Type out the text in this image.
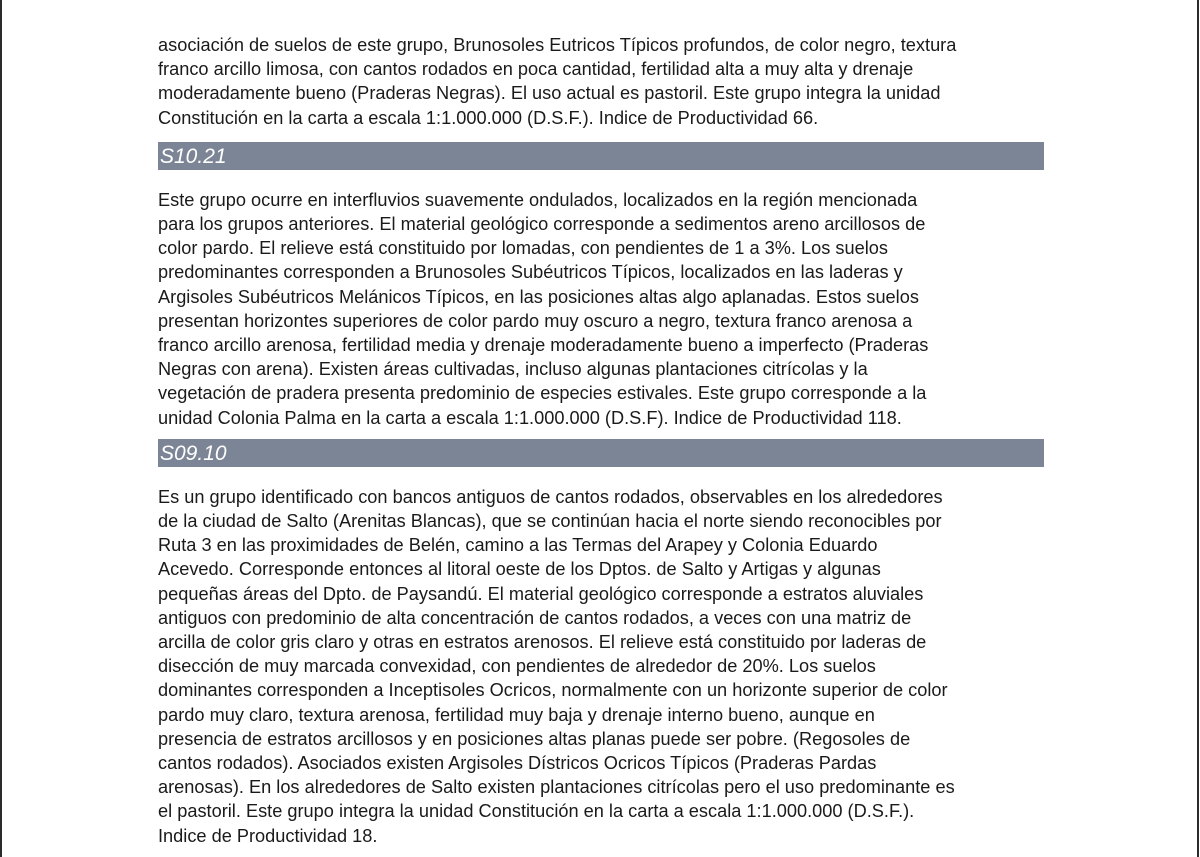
asociación de suelos de este grupo, Brunosoles Eutricos Típicos profundos, de color negro, textura
franco arcillo limosa, con cantos rodados en poca cantidad, fertilidad alta a muy alta y drenaje
moderadamente bueno (Praderas Negras). El uso actual es pastoril. Este grupo integra la unidad
Constitución en la carta a escala 1:1.000.000 (D.S.F.). Indice de Productividad 66.

S10.21

Este grupo ocurre en interfluvios suavemente ondulados, localizados en la región mencionada
para los grupos anteriores. El material geológico corresponde a sedimentos areno arcillosos de
color pardo. El relieve está constituido por lomadas, con pendientes de 1 a 3%. Los suelos
predominantes corresponden a Brunosoles Subéutricos Típicos, localizados en las laderas y
Argisoles Subéutricos Melánicos Típicos, en las posiciones altas algo aplanadas. Estos suelos
presentan horizontes superiores de color pardo muy oscuro a negro, textura franco arenosa a
franco arcillo arenosa, fertilidad media y drenaje moderadamente bueno a imperfecto (Praderas
Negras con arena). Existen áreas cultivadas, incluso algunas plantaciones citrícolas y la
vegetación de pradera presenta predominio de especies estivales. Este grupo corresponde a la
unidad Colonia Palma en la carta a escala 1:1.000.000 (D.S.F). Indice de Productividad 118.

S09.10

Es un grupo identificado con bancos antiguos de cantos rodados, observables en los alrededores
de la ciudad de Salto (Arenitas Blancas), que se continúan hacia el norte siendo reconocibles por
Ruta 3 en las proximidades de Belén, camino a las Termas del Arapey y Colonia Eduardo
Acevedo. Corresponde entonces al litoral oeste de los Dptos. de Salto y Artigas y algunas
pequeñas áreas del Dpto. de Paysandú. El material geológico corresponde a estratos aluviales
antiguos con predominio de alta concentración de cantos rodados, a veces con una matriz de
arcilla de color gris claro y otras en estratos arenosos. El relieve está constituido por laderas de
disección de muy marcada convexidad, con pendientes de alrededor de 20%. Los suelos
dominantes corresponden a Inceptisoles Ocricos, normalmente con un horizonte superior de color
pardo muy claro, textura arenosa, fertilidad muy baja y drenaje interno bueno, aunque en
presencia de estratos arcillosos y en posiciones altas planas puede ser pobre. (Regosoles de
cantos rodados). Asociados existen Argisoles Dístricos Ocricos Típicos (Praderas Pardas
arenosas). En los alrededores de Salto existen plantaciones citrícolas pero el uso predominante es
el pastoril. Este grupo integra la unidad Constitución en la carta a escala 1:1.000.000 (D.S.F.).
Indice de Productividad 18.
